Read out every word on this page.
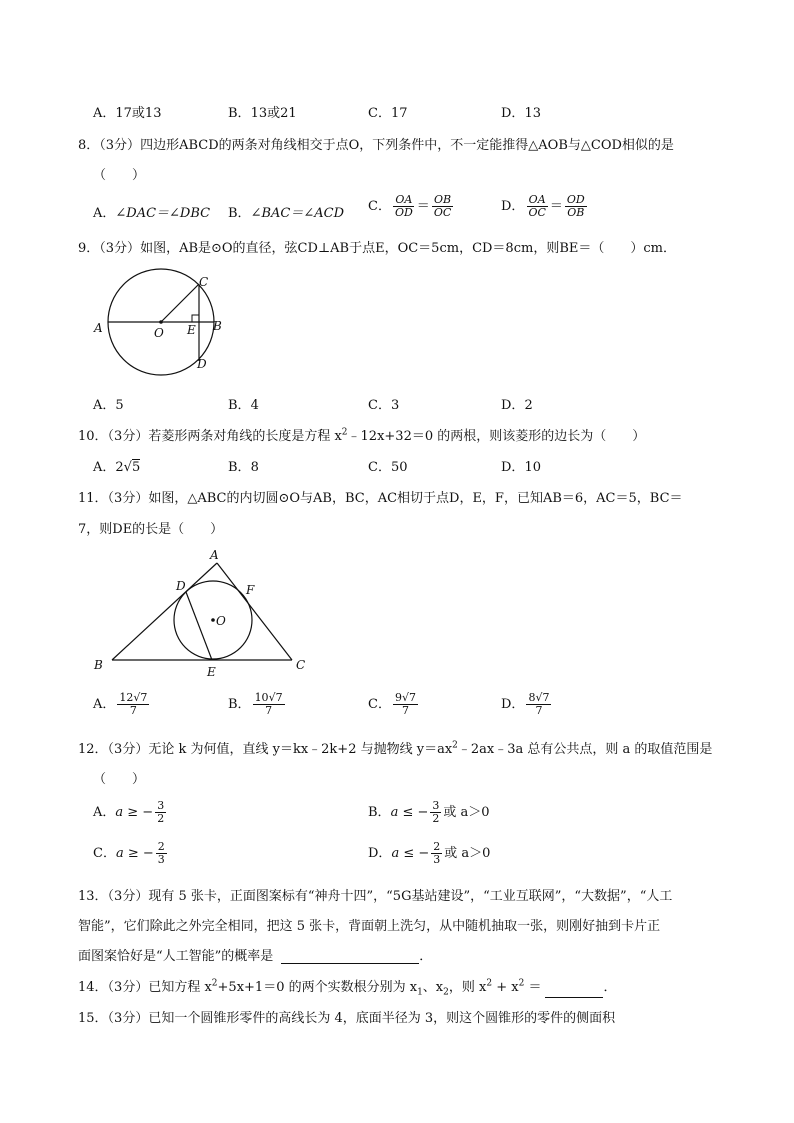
A．17或13	B．13或21	C．17	D．13
8．（3分）四边形ABCD的两条对角线相交于点O，下列条件中，不一定能推得△AOB与△COD相似的是
（　　）
A．∠DAC＝∠DBC B．∠BAC＝∠ACD C． $\frac{OA}{OD} = \frac{OB}{OC}$	D． $\frac{OA}{OC} = \frac{OD}{OB}$
9．（3分）如图，AB是⊙O的直径，弦CD⊥AB于点E，OC＝5cm，CD＝8cm，则BE＝（　　）cm．
A	B
C
D
O E
A．5	B．4	C．3	D．2
10．（3分）若菱形两条对角线的长度是方程 $x^2﹣12x+32=0$ 的两根，则该菱形的边长为（　　）
A．2√5	B．8	C．50	D．10
11．（3分）如图，△ABC的内切圆⊙O与AB，BC，AC相切于点D，E，F，已知AB＝6，AC＝5，BC＝
7，则DE的长是（　　）
A
B	C
D
E
F
O
A． $\frac{12√7}{7}$	B． $\frac{10√7}{7}$	C． $\frac{9√7}{7}$	D． $\frac{8√7}{7}$
12．（3分）无论 k 为何值，直线 y＝kx﹣2k+2 与抛物线 $y=ax^2﹣2ax﹣3a$ 总有公共点，则 a 的取值范围是
（　　）
A．a ≥ − $\frac{3}{2}$	B．a ≤ − $\frac{3}{2}$ 或 a＞0
C．a ≥ − $\frac{2}{3}$	D．a ≤ − $\frac{2}{3}$ 或 a＞0
13．（3分）现有 5 张卡，正面图案标有“神舟十四”，“5G基站建设”，“工业互联网”，“大数据”，“人工
智能”，它们除此之外完全相同，把这 5 张卡，背面朝上洗匀，从中随机抽取一张，则刚好抽到卡片正
面图案恰好是“人工智能”的概率是	．
14．（3分）已知方程 $x^2+5x+1=0$ 的两个实数根分别为 $x_1$、$x_2$，则 $x^2 + x^2$ ＝	．
15．（3分）已知一个圆锥形零件的高线长为 4，底面半径为 3，则这个圆锥形的零件的侧面积
